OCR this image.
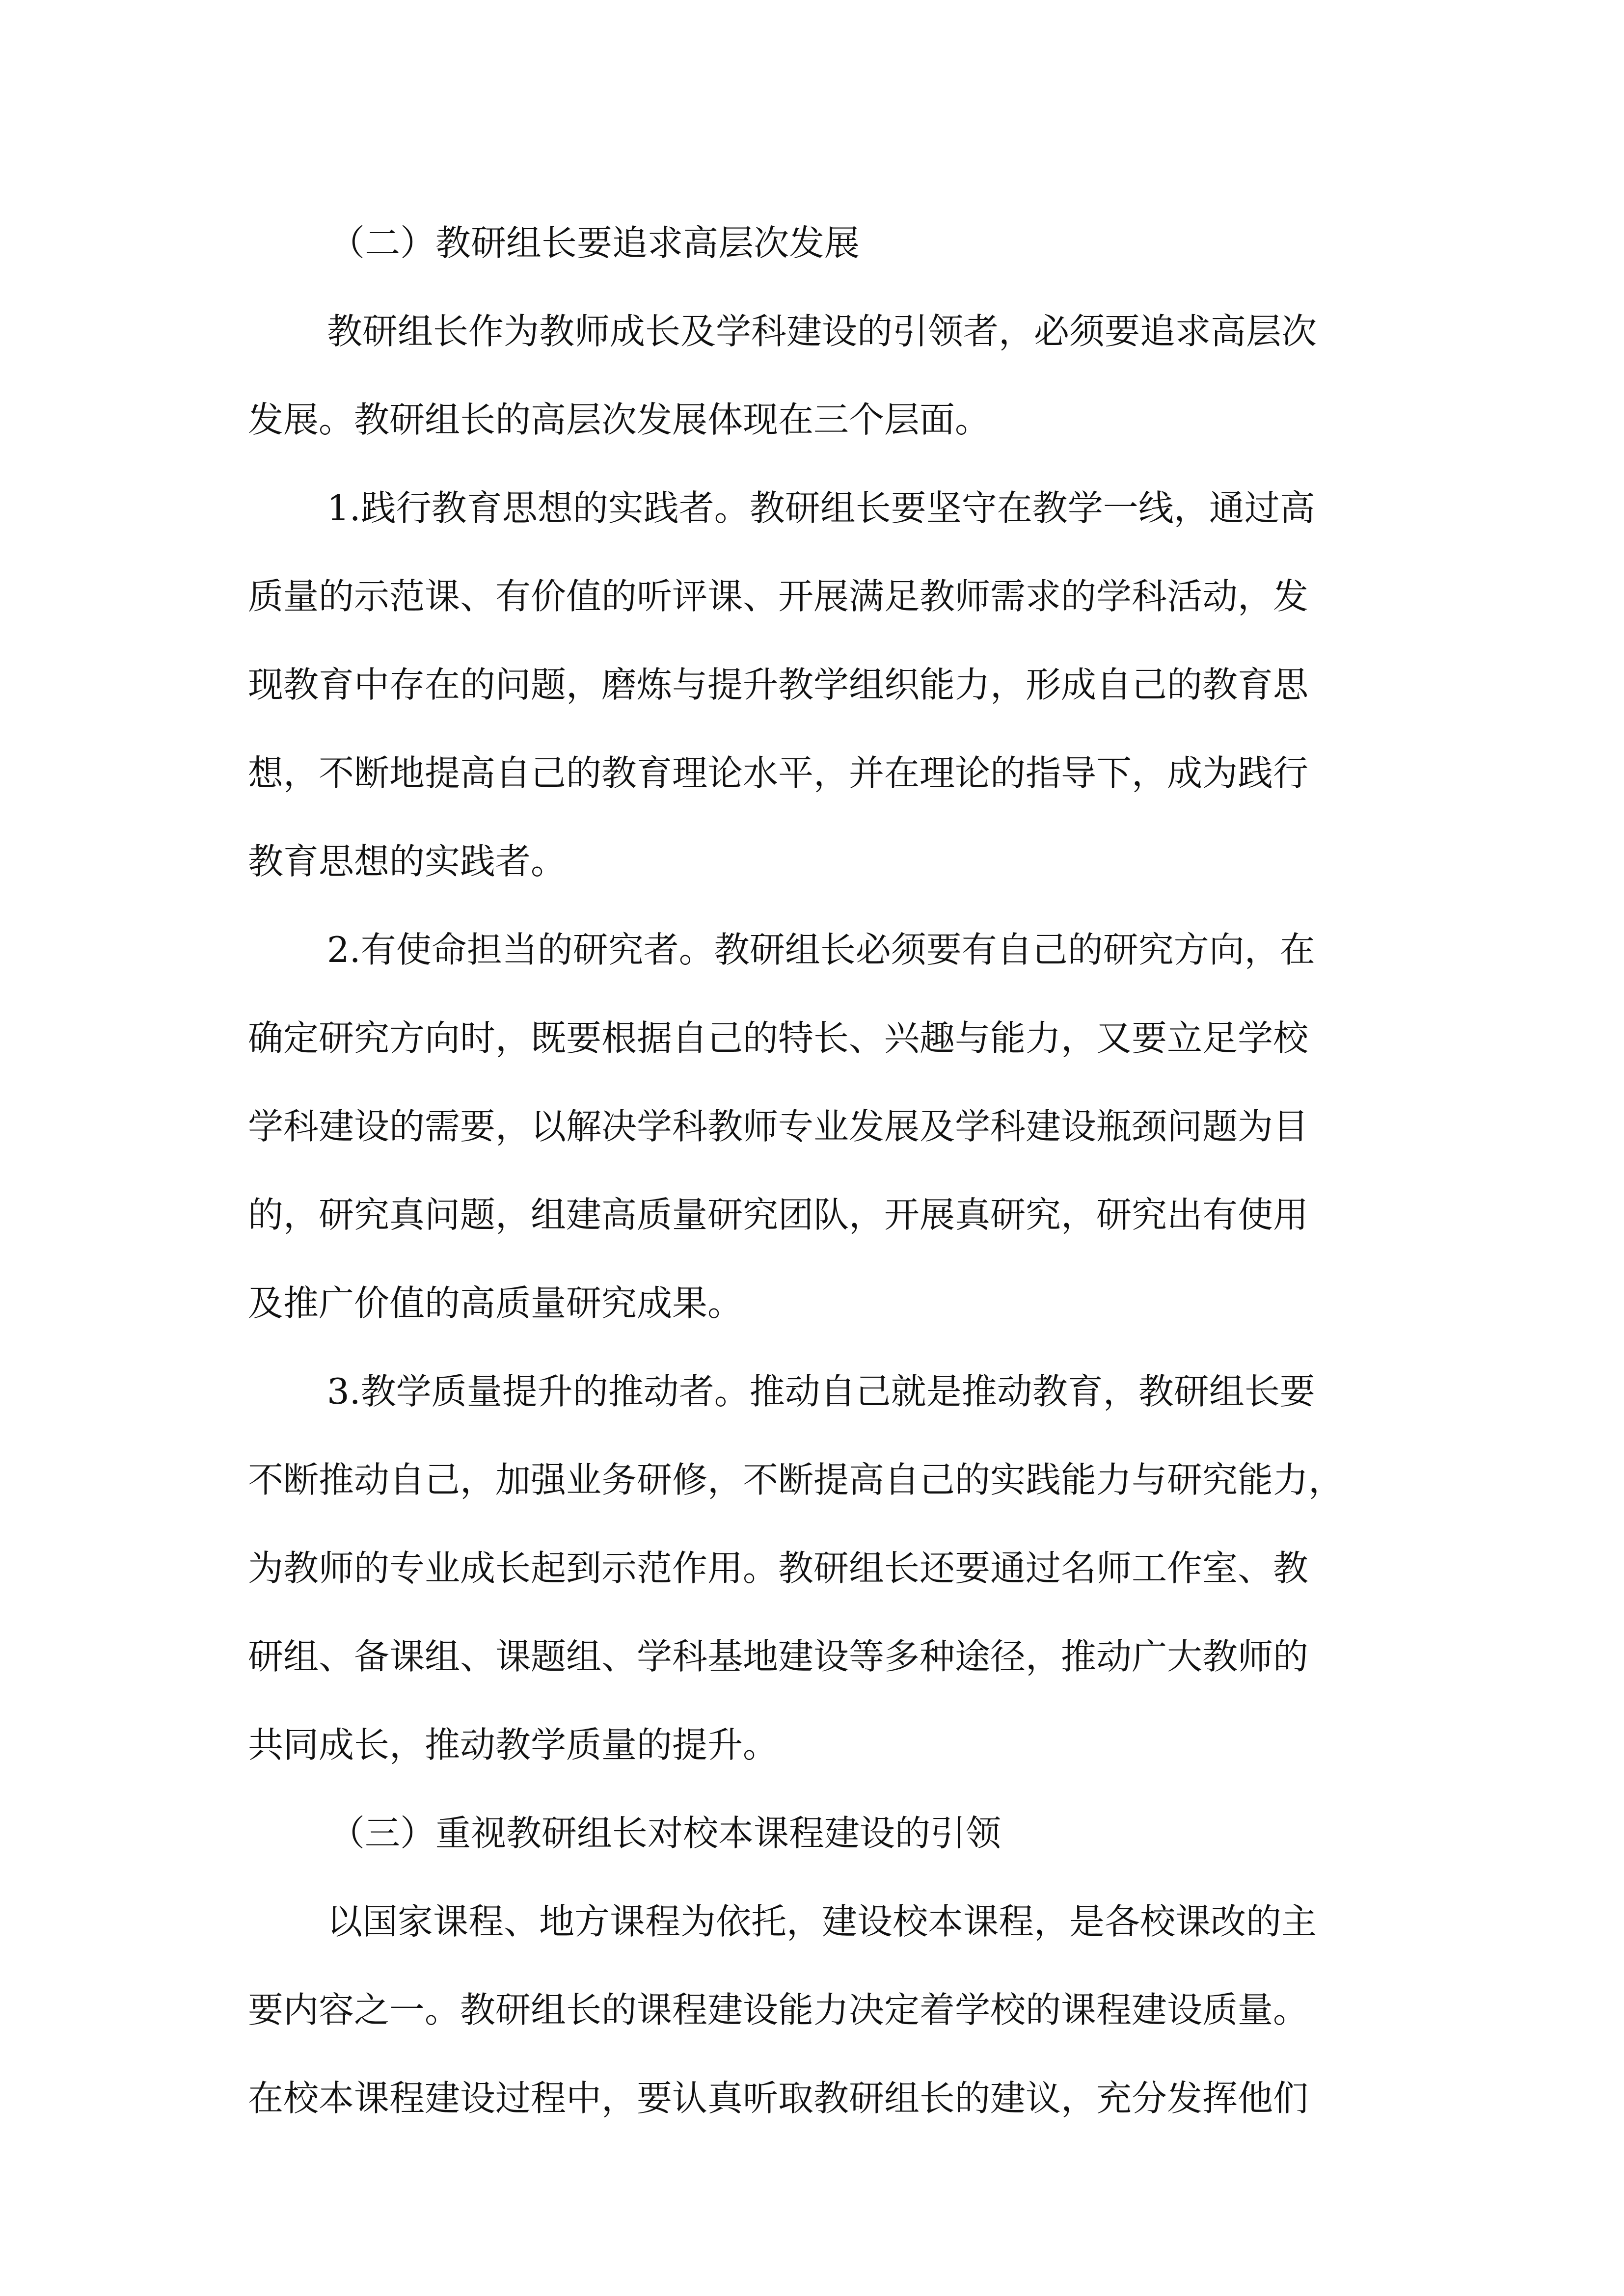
（二）教研组长要追求高层次发展
教研组长作为教师成长及学科建设的引领者，必须要追求高层次
发展。教研组长的高层次发展体现在三个层面。
1.践行教育思想的实践者。教研组长要坚守在教学一线，通过高
质量的示范课、有价值的听评课、开展满足教师需求的学科活动，发
现教育中存在的问题，磨炼与提升教学组织能力，形成自己的教育思
想，不断地提高自己的教育理论水平，并在理论的指导下，成为践行
教育思想的实践者。
2.有使命担当的研究者。教研组长必须要有自己的研究方向，在
确定研究方向时，既要根据自己的特长、兴趣与能力，又要立足学校
学科建设的需要，以解决学科教师专业发展及学科建设瓶颈问题为目
的，研究真问题，组建高质量研究团队，开展真研究，研究出有使用
及推广价值的高质量研究成果。
3.教学质量提升的推动者。推动自己就是推动教育，教研组长要
不断推动自己，加强业务研修，不断提高自己的实践能力与研究能力，
为教师的专业成长起到示范作用。教研组长还要通过名师工作室、教
研组、备课组、课题组、学科基地建设等多种途径，推动广大教师的
共同成长，推动教学质量的提升。
（三）重视教研组长对校本课程建设的引领
以国家课程、地方课程为依托，建设校本课程，是各校课改的主
要内容之一。教研组长的课程建设能力决定着学校的课程建设质量。
在校本课程建设过程中，要认真听取教研组长的建议，充分发挥他们
